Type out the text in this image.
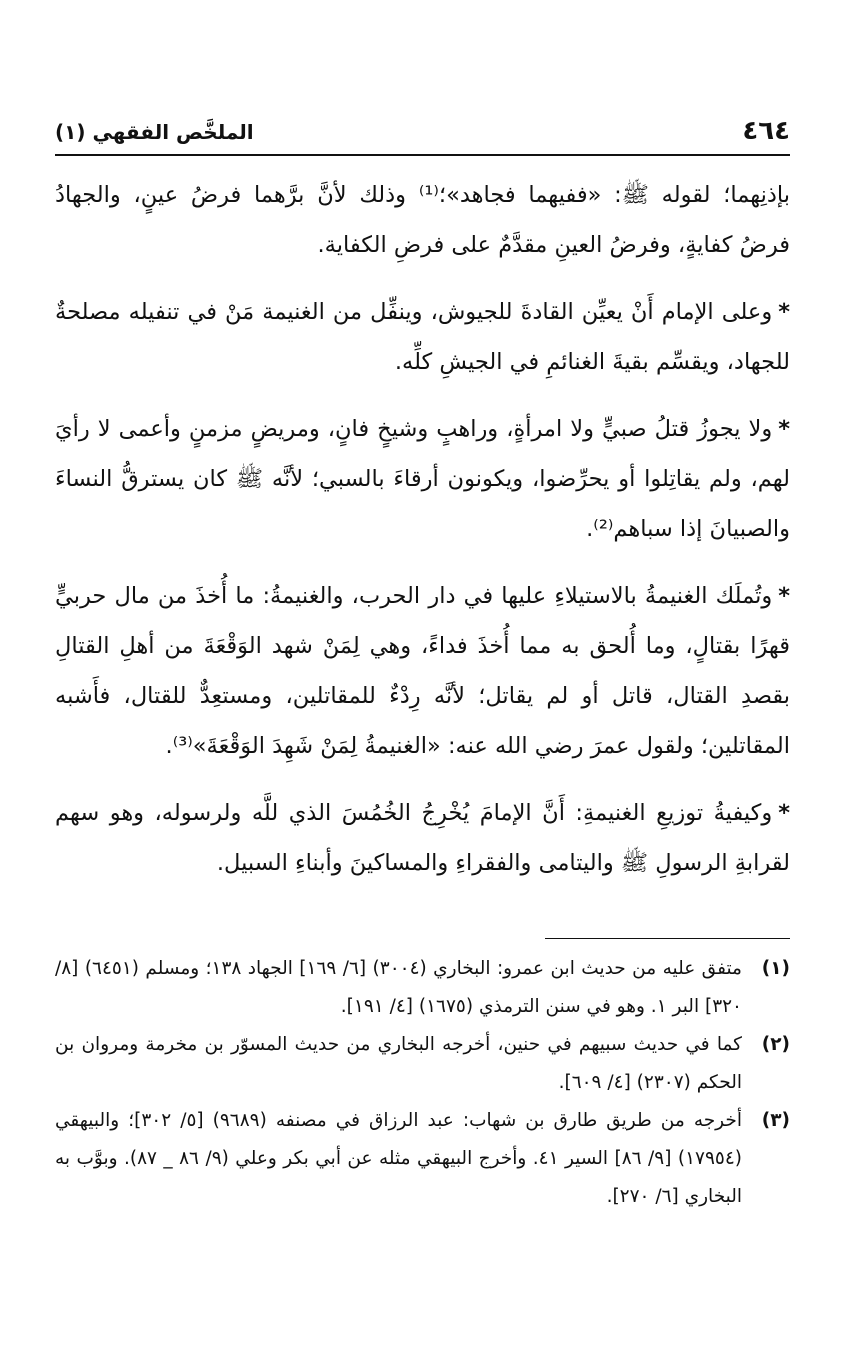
٤٦٤
الملخَّص الفقهي (١)

بإذنِهما؛ لقوله ﷺ: «ففيهما فجاهد»؛⁽¹⁾ وذلك لأنَّ برَّهما فرضُ عينٍ، والجهادُ فرضُ كفايةٍ، وفرضُ العينِ مقدَّمٌ على فرضِ الكفاية.

*وعلى الإمام أَنْ يعيِّن القادةَ للجيوش، وينفِّل من الغنيمة مَنْ في تنفيله مصلحةٌ للجهاد، ويقسِّم بقيةَ الغنائمِ في الجيشِ كلِّه.

*ولا يجوزُ قتلُ صبيٍّ ولا امرأةٍ، وراهبٍ وشيخٍ فانٍ، ومريضٍ مزمنٍ وأعمى لا رأيَ لهم، ولم يقاتِلوا أو يحرِّضوا، ويكونون أرقاءَ بالسبي؛ لأنَّه ﷺ كان يسترقُّ النساءَ والصبيانَ إذا سباهم⁽²⁾.

*وتُملَك الغنيمةُ بالاستيلاءِ عليها في دار الحرب، والغنيمةُ: ما أُخذَ من مال حربيٍّ قهرًا بقتالٍ، وما أُلحق به مما أُخذَ فداءً، وهي لِمَنْ شهد الوَقْعَةَ من أهلِ القتالِ بقصدِ القتال، قاتل أو لم يقاتل؛ لأنَّه رِدْءٌ للمقاتلين، ومستعِدٌّ للقتال، فأَشبه المقاتلين؛ ولقول عمرَ رضي الله عنه: «الغنيمةُ لِمَنْ شَهِدَ الوَقْعَةَ»⁽³⁾.

*وكيفيةُ توزيعِ الغنيمةِ: أَنَّ الإمامَ يُخْرِجُ الخُمُسَ الذي للَّه ولرسوله، وهو سهم لقرابةِ الرسولِ ﷺ واليتامى والفقراءِ والمساكينَ وأبناءِ السبيل.

(١)
متفق عليه من حديث ابن عمرو: البخاري (٣٠٠٤) [٦/ ١٦٩] الجهاد ١٣٨؛ ومسلم (٦٤٥١) [٨/ ٣٢٠] البر ١. وهو في سنن الترمذي (١٦٧٥) [٤/ ١٩١].
(٢)
كما في حديث سبيهم في حنين، أخرجه البخاري من حديث المسوّر بن مخرمة ومروان بن الحكم (٢٣٠٧) [٤/ ٦٠٩].
(٣)
أخرجه من طريق طارق بن شهاب: عبد الرزاق في مصنفه (٩٦٨٩) [٥/ ٣٠٢]؛ والبيهقي (١٧٩٥٤) [٩/ ٨٦] السير ٤١. وأخرج البيهقي مثله عن أبي بكر وعلي (٩/ ٨٦ _ ٨٧). وبوَّب به البخاري [٦/ ٢٧٠].
